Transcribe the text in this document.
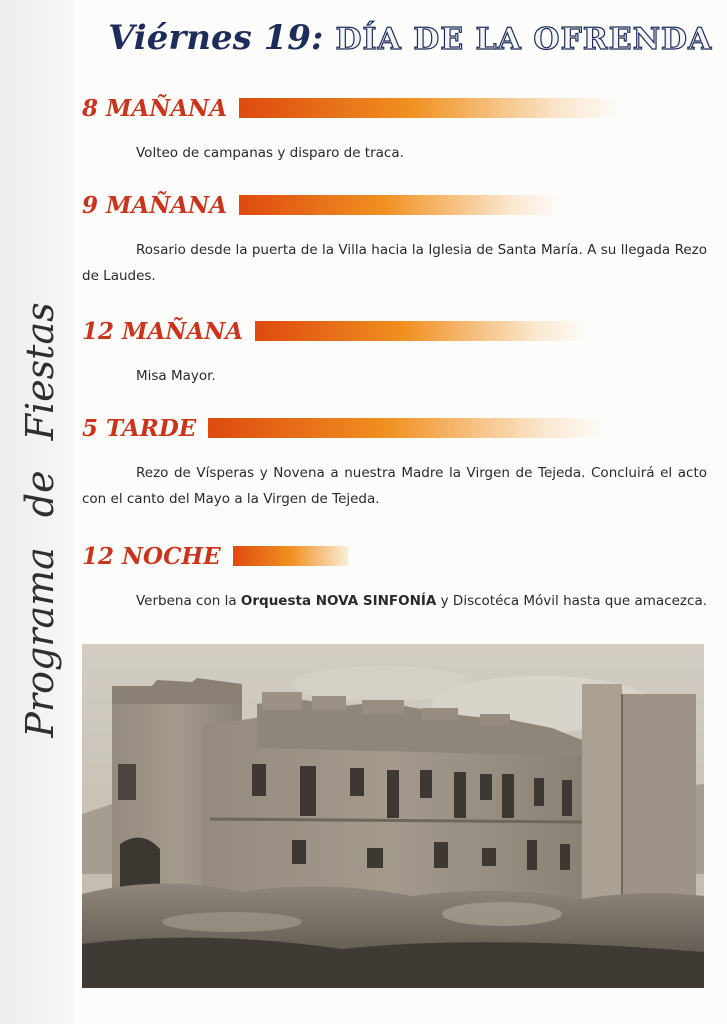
ProgramadeFiestas
Viérnes 19: DÍA DE LA OFRENDA
8 MAÑANA
Volteo de campanas y disparo de traca.
9 MAÑANA
Rosario desde la puerta de la Villa hacia la Iglesia de Santa María. A su llegada Rezo de Laudes.
12 MAÑANA
Misa Mayor.
5 TARDE
Rezo de Vísperas y Novena a nuestra Madre la Virgen de Tejeda. Concluirá el acto con el canto del Mayo a la Virgen de Tejeda.
12 NOCHE
Verbena con la Orquesta NOVA SINFONÍA y Discotéca Móvil hasta que amacezca.
